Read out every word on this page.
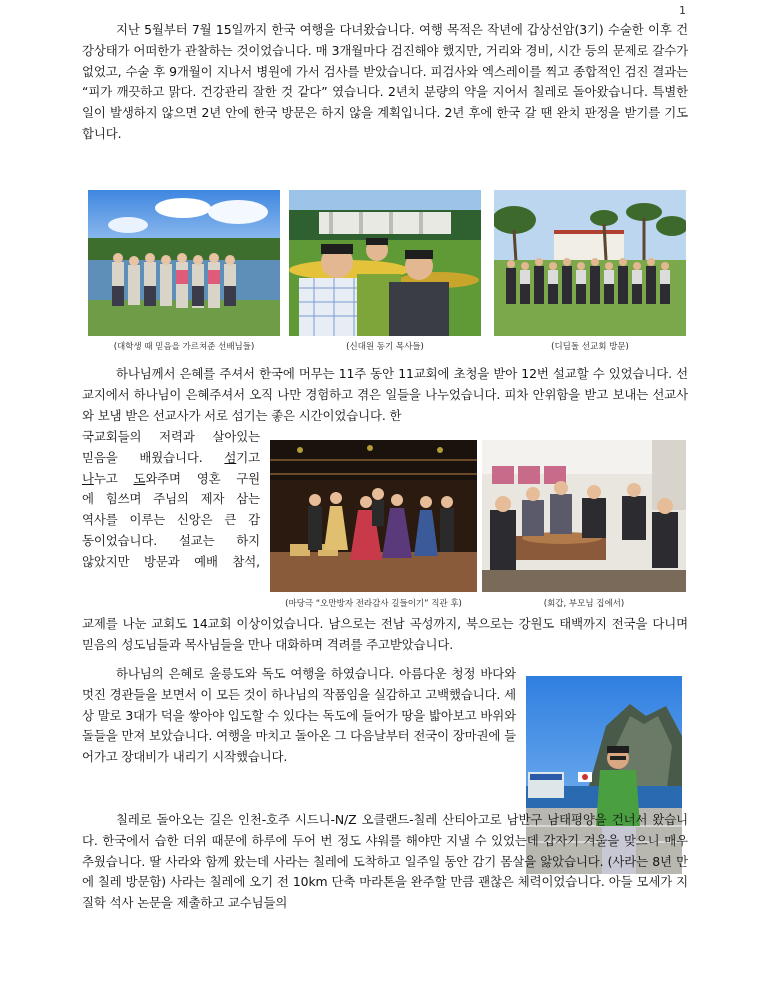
1

지난 5월부터 7월 15일까지 한국 여행을 다녀왔습니다. 여행 목적은 작년에 갑상선암(3기) 수술한 이후 건강상태가 어떠한가 관찰하는 것이었습니다. 매 3개월마다 검진해야 했지만, 거리와 경비, 시간 등의 문제로 갈수가 없었고, 수술 후 9개월이 지나서 병원에 가서 검사를 받았습니다. 피검사와 엑스레이를 찍고 종합적인 검진 결과는 “피가 깨끗하고 맑다. 건강관리 잘한 것 같다” 였습니다. 2년치 분량의 약을 지어서 칠레로 돌아왔습니다. 특별한 일이 발생하지 않으면 2년 안에 한국 방문은 하지 않을 계획입니다. 2년 후에 한국 갈 땐 완치 판정을 받기를 기도합니다.

(대학생 때 믿음을 가르쳐준 선배님들)	(신대원 동기 목사들)	(디딤돌 선교회 방문)

하나님께서 은혜를 주셔서 한국에 머무는 11주 동안 11교회에 초청을 받아 12번 설교할 수 있었습니다. 선교지에서 하나님이 은혜주셔서 오직 나만 경험하고 겪은 일들을 나누었습니다. 피차 안위함을 받고 보내는 선교사와 보냄 받은 선교사가 서로 섬기는 좋은 시간이었습니다. 한

국교회들의 저력과 살아있는
믿음을 배웠습니다. 섬기고
나누고 도와주며 영혼 구원
에 힘쓰며 주님의 제자 삼는
역사를 이루는 신앙은 큰 감
동이었습니다. 설교는 하지
않았지만 방문과 예배 참석,
(마당극 “오만방자 전라감사 길들이기” 직관 후)	(회갑, 부모님 집에서)

교제를 나눈 교회도 14교회 이상이었습니다. 남으로는 전남 곡성까지, 북으로는 강원도 태백까지 전국을 다니며 믿음의 성도님들과 목사님들을 만나 대화하며 격려를 주고받았습니다.

하나님의 은혜로 울릉도와 독도 여행을 하였습니다. 아름다운 청정 바다와 멋진 경관들을 보면서 이 모든 것이 하나님의 작품임을 실감하고 고백했습니다. 세상 말로 3대가 덕을 쌓아야 입도할 수 있다는 독도에 들어가 땅을 밟아보고 바위와 돌들을 만져 보았습니다. 여행을 마치고 돌아온 그 다음날부터 전국이 장마권에 들어가고 장대비가 내리기 시작했습니다.

칠레로 돌아오는 길은 인천-호주 시드니-N/Z 오클랜드-칠레 산티아고로 남반구 남태평양을 건너서 왔습니다. 한국에서 습한 더위 때문에 하루에 두어 번 정도 샤워를 해야만 지낼 수 있었는데 갑자기 겨울을 맞으니 매우 추웠습니다. 딸 사라와 함께 왔는데 사라는 칠레에 도착하고 일주일 동안 감기 몸살을 앓았습니다. (사라는 8년 만에 칠레 방문함) 사라는 칠레에 오기 전 10km 단축 마라톤을 완주할 만큼 괜찮은 체력이었습니다. 아들 모세가 지질학 석사 논문을 제출하고 교수님들의
